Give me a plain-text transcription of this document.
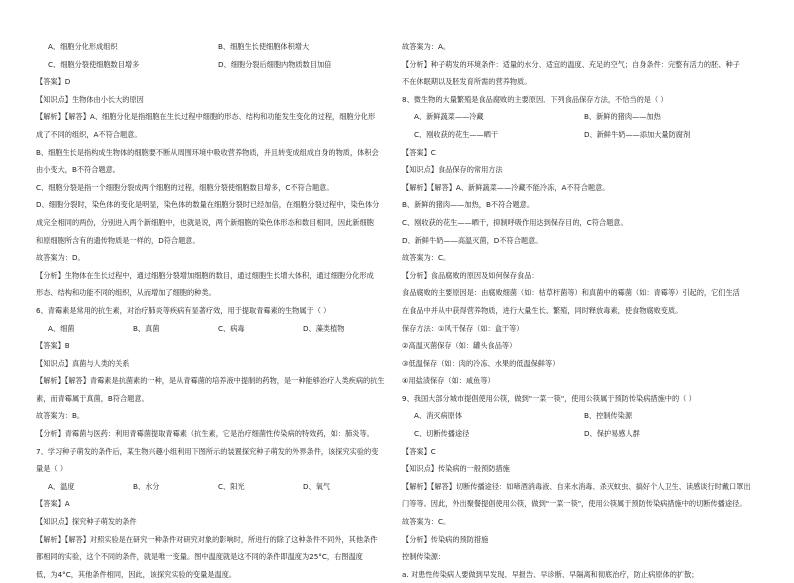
A、细胞分化形成组织	B、细胞生长使细胞体积增大
C、细胞分裂使细胞数目增多	D、细胞分裂后细胞内物质数目加倍
【答案】D
【知识点】生物体由小长大的原因
【解析】【解答】A、细胞分化是指细胞在生长过程中细胞的形态、结构和功能发生变化的过程，细胞分化形
成了不同的组织，A不符合题意。
B、细胞生长是指构成生物体的细胞要不断从周围环境中吸收营养物质，并且转变成组成自身的物质，体积会
由小变大，B不符合题意。
C、细胞分裂是指一个细胞分裂成两个细胞的过程，细胞分裂使细胞数目增多，C不符合题意。
D、细胞分裂时，染色体的变化是明显，染色体的数量在细胞分裂时已经加倍，在细胞分裂过程中，染色体分
成完全相同的两份，分别进入两个新细胞中，也就是说，两个新细胞的染色体形态和数目相同，因此新细胞
和原细胞所含有的遗传物质是一样的，D符合题意。
故答案为：D。
【分析】生物体在生长过程中，通过细胞分裂增加细胞的数目，通过细胞生长增大体积，通过细胞分化形成
形态、结构和功能不同的组织，从而增加了细胞的种类。
6、青霉素是常用的抗生素，对治疗肺炎等疾病有显著疗效，用于提取青霉素的生物属于（ ）
A、细菌	B、真菌	C、病毒	D、藻类植物
【答案】B
【知识点】真菌与人类的关系
【解析】【解答】青霉素是抗菌素的一种，是从青霉菌的培养液中提制的药物，是一种能够治疗人类疾病的抗生
素，而青霉属于真菌，B符合题意。
故答案为：B。
【分析】青霉菌与医药：利用青霉菌提取青霉素（抗生素，它是治疗细菌性传染病的特效药，如：肺炎等。
7、学习种子萌发的条件后，某生物兴趣小组利用下图所示的装置探究种子萌发的外界条件，该探究实验的变
量是（ ）
A、温度	B、水分	C、阳光	D、氧气
【答案】A
【知识点】探究种子萌发的条件
【解析】【解答】对照实验是在研究一种条件对研究对象的影响时，所进行的除了这种条件不同外，其他条件
都相同的实验，这个不同的条件，就是唯一变量。图中温度就是这不同的条件即温度为25°C，右图温度
低，为4°C，其他条件相同，因此，该探究实验的变量是温度。
故答案为：A。
【分析】种子萌发的环境条件：适量的水分、适宜的温度、充足的空气；自身条件：完整有活力的胚、种子
不在休眠期以及胚发育所需的营养物质。
8、微生物的大量繁殖是食品腐败的主要原因．下列食品保存方法，不恰当的是（ ）
A、新鲜蔬菜——冷藏	B、新鲜的猪肉——加热
C、刚收获的花生——晒干	D、新鲜牛奶——添加大量防腐剂
【答案】C
【知识点】食品保存的常用方法
【解析】【解答】A、新鲜蔬菜——冷藏不能冷冻，A不符合题意。
B、新鲜的猪肉——加热，B不符合题意。
C、刚收获的花生——晒干，抑制呼吸作用达到保存目的，C符合题意。
D、新鲜牛奶——高温灭菌，D不符合题意。
故答案为：C。
【分析】食品腐败的原因及如何保存食品：
食品腐败的主要原因是：由腐败细菌（如：枯草杆菌等）和真菌中的霉菌（如：青霉等）引起的，它们生活
在食品中并从中获得营养物质，进行大量生长、繁殖，同时释放毒素，使食物腐败变质。
保存方法：①风干保存（如：盒干等）
②高温灭菌保存（如：罐头食品等）
③低温保存（如：肉的冷冻、水果的低温保鲜等）
④用盐渍保存（如：咸鱼等）
9、我国大部分城市提倡使用公筷，做到"一菜一筷"，使用公筷属于预防传染病措施中的（ ）
A、消灭病原体	B、控制传染源
C、切断传播途径	D、保护易感人群
【答案】C
【知识点】传染病的一般预防措施
【解析】【解答】切断传播途径：如啼酒消毒液、自来水消毒、杀灭蚊虫、搞好个人卫生、读感谈行时戴口罩出
门等等。因此，外出聚餐提倡使用公筷，做到"一菜一筷"，使用公筷属于预防传染病措施中的切断传播途径。
故答案为：C。
【分析】传染病的预防措施
控制传染源：
a. 对患性传染病人要做到早发现、早报告、早诊断、早隔离和彻底治疗，防止病原体的扩散；
